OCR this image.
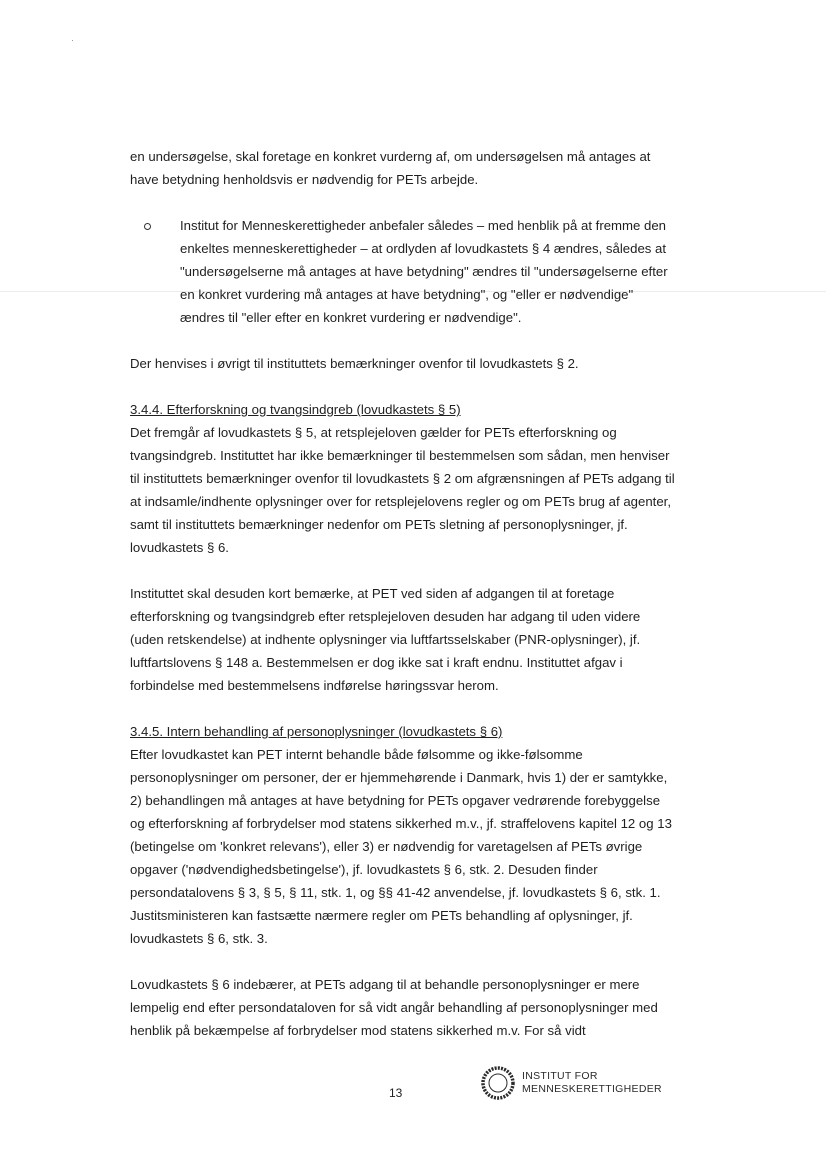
en undersøgelse, skal foretage en konkret vurderng af, om undersøgelsen må antages at have betydning henholdsvis er nødvendig for PETs arbejde.

Institut for Menneskerettigheder anbefaler således – med henblik på at fremme den enkeltes menneskerettigheder – at ordlyden af lovudkastets § 4 ændres, således at "undersøgelserne må antages at have betydning" ændres til "undersøgelserne efter en konkret vurdering må antages at have betydning", og "eller er nødvendige" ændres til "eller efter en konkret vurdering er nødvendige".

Der henvises i øvrigt til instituttets bemærkninger ovenfor til lovudkastets § 2.

3.4.4. Efterforskning og tvangsindgreb (lovudkastets § 5)

Det fremgår af lovudkastets § 5, at retsplejeloven gælder for PETs efterforskning og tvangsindgreb. Instituttet har ikke bemærkninger til bestemmelsen som sådan, men henviser til instituttets bemærkninger ovenfor til lovudkastets § 2 om afgrænsningen af PETs adgang til at indsamle/indhente oplysninger over for retsplejelovens regler og om PETs brug af agenter, samt til instituttets bemærkninger nedenfor om PETs sletning af personoplysninger, jf. lovudkastets § 6.

Instituttet skal desuden kort bemærke, at PET ved siden af adgangen til at foretage efterforskning og tvangsindgreb efter retsplejeloven desuden har adgang til uden videre (uden retskendelse) at indhente oplysninger via luftfartsselskaber (PNR-oplysninger), jf. luftfartslovens § 148 a. Bestemmelsen er dog ikke sat i kraft endnu. Instituttet afgav i forbindelse med bestemmelsens indførelse høringssvar herom.

3.4.5. Intern behandling af personoplysninger (lovudkastets § 6)

Efter lovudkastet kan PET internt behandle både følsomme og ikke-følsomme personoplysninger om personer, der er hjemmehørende i Danmark, hvis 1) der er samtykke, 2) behandlingen må antages at have betydning for PETs opgaver vedrørende forebyggelse og efterforskning af forbrydelser mod statens sikkerhed m.v., jf. straffelovens kapitel 12 og 13 (betingelse om 'konkret relevans'), eller 3) er nødvendig for varetagelsen af PETs øvrige opgaver ('nødvendighedsbetingelse'), jf. lovudkastets § 6, stk. 2. Desuden finder persondatalovens § 3, § 5, § 11, stk. 1, og §§ 41-42 anvendelse, jf. lovudkastets § 6, stk. 1. Justitsministeren kan fastsætte nærmere regler om PETs behandling af oplysninger, jf. lovudkastets § 6, stk. 3.

Lovudkastets § 6 indebærer, at PETs adgang til at behandle personoplysninger er mere lempelig end efter persondataloven for så vidt angår behandling af personoplysninger med henblik på bekæmpelse af forbrydelser mod statens sikkerhed m.v. For så vidt

13
INSTITUT FOR
MENNESKERETTIGHEDER
